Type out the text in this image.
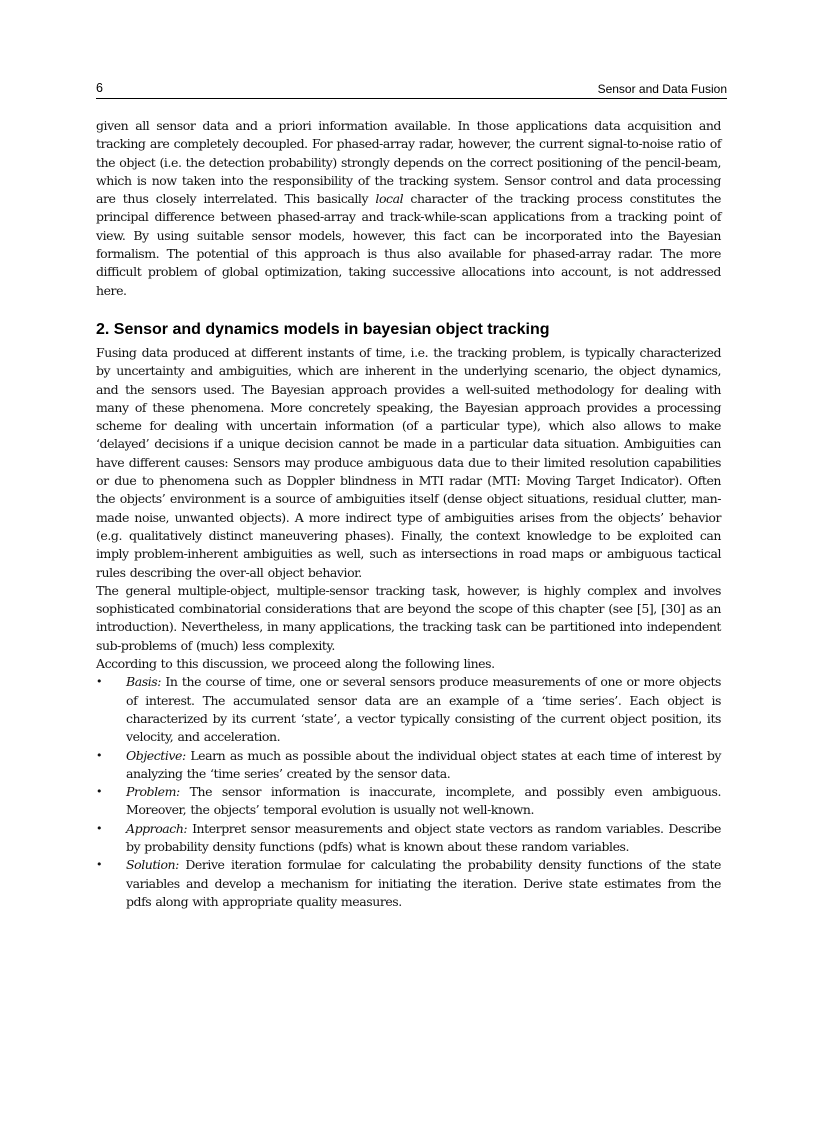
6	Sensor and Data Fusion

given all sensor data and a priori information available. In those applications data acquisition and tracking are completely decoupled. For phased-array radar, however, the current signal-to-noise ratio of the object (i.e. the detection probability) strongly depends on the correct positioning of the pencil-beam, which is now taken into the responsibility of the tracking system. Sensor control and data processing are thus closely interrelated. This basically local character of the tracking process constitutes the principal difference between phased-array and track-while-scan applications from a tracking point of view. By using suitable sensor models, however, this fact can be incorporated into the Bayesian formalism. The potential of this approach is thus also available for phased-array radar. The more difficult problem of global optimization, taking successive allocations into account, is not addressed here.

2. Sensor and dynamics models in bayesian object tracking

Fusing data produced at different instants of time, i.e. the tracking problem, is typically characterized by uncertainty and ambiguities, which are inherent in the underlying scenario, the object dynamics, and the sensors used. The Bayesian approach provides a well-suited methodology for dealing with many of these phenomena. More concretely speaking, the Bayesian approach provides a processing scheme for dealing with uncertain information (of a particular type), which also allows to make ‘delayed’ decisions if a unique decision cannot be made in a particular data situation. Ambiguities can have different causes: Sensors may produce ambiguous data due to their limited resolution capabilities or due to phenomena such as Doppler blindness in MTI radar (MTI: Moving Target Indicator). Often the objects’ environment is a source of ambiguities itself (dense object situations, residual clutter, man-made noise, unwanted objects). A more indirect type of ambiguities arises from the objects’ behavior (e.g. qualitatively distinct maneuvering phases). Finally, the context knowledge to be exploited can imply problem-inherent ambiguities as well, such as intersections in road maps or ambiguous tactical rules describing the over-all object behavior.

The general multiple-object, multiple-sensor tracking task, however, is highly complex and involves sophisticated combinatorial considerations that are beyond the scope of this chapter (see [5], [30] as an introduction). Nevertheless, in many applications, the tracking task can be partitioned into independent sub-problems of (much) less complexity.

According to this discussion, we proceed along the following lines.

• Basis: In the course of time, one or several sensors produce measurements of one or more objects of interest. The accumulated sensor data are an example of a ‘time series’. Each object is characterized by its current ‘state’, a vector typically consisting of the current object position, its velocity, and acceleration.

• Objective: Learn as much as possible about the individual object states at each time of interest by analyzing the ‘time series’ created by the sensor data.

• Problem: The sensor information is inaccurate, incomplete, and possibly even ambiguous. Moreover, the objects’ temporal evolution is usually not well-known.

• Approach: Interpret sensor measurements and object state vectors as random variables. Describe by probability density functions (pdfs) what is known about these random variables.

• Solution: Derive iteration formulae for calculating the probability density functions of the state variables and develop a mechanism for initiating the iteration. Derive state estimates from the pdfs along with appropriate quality measures.
